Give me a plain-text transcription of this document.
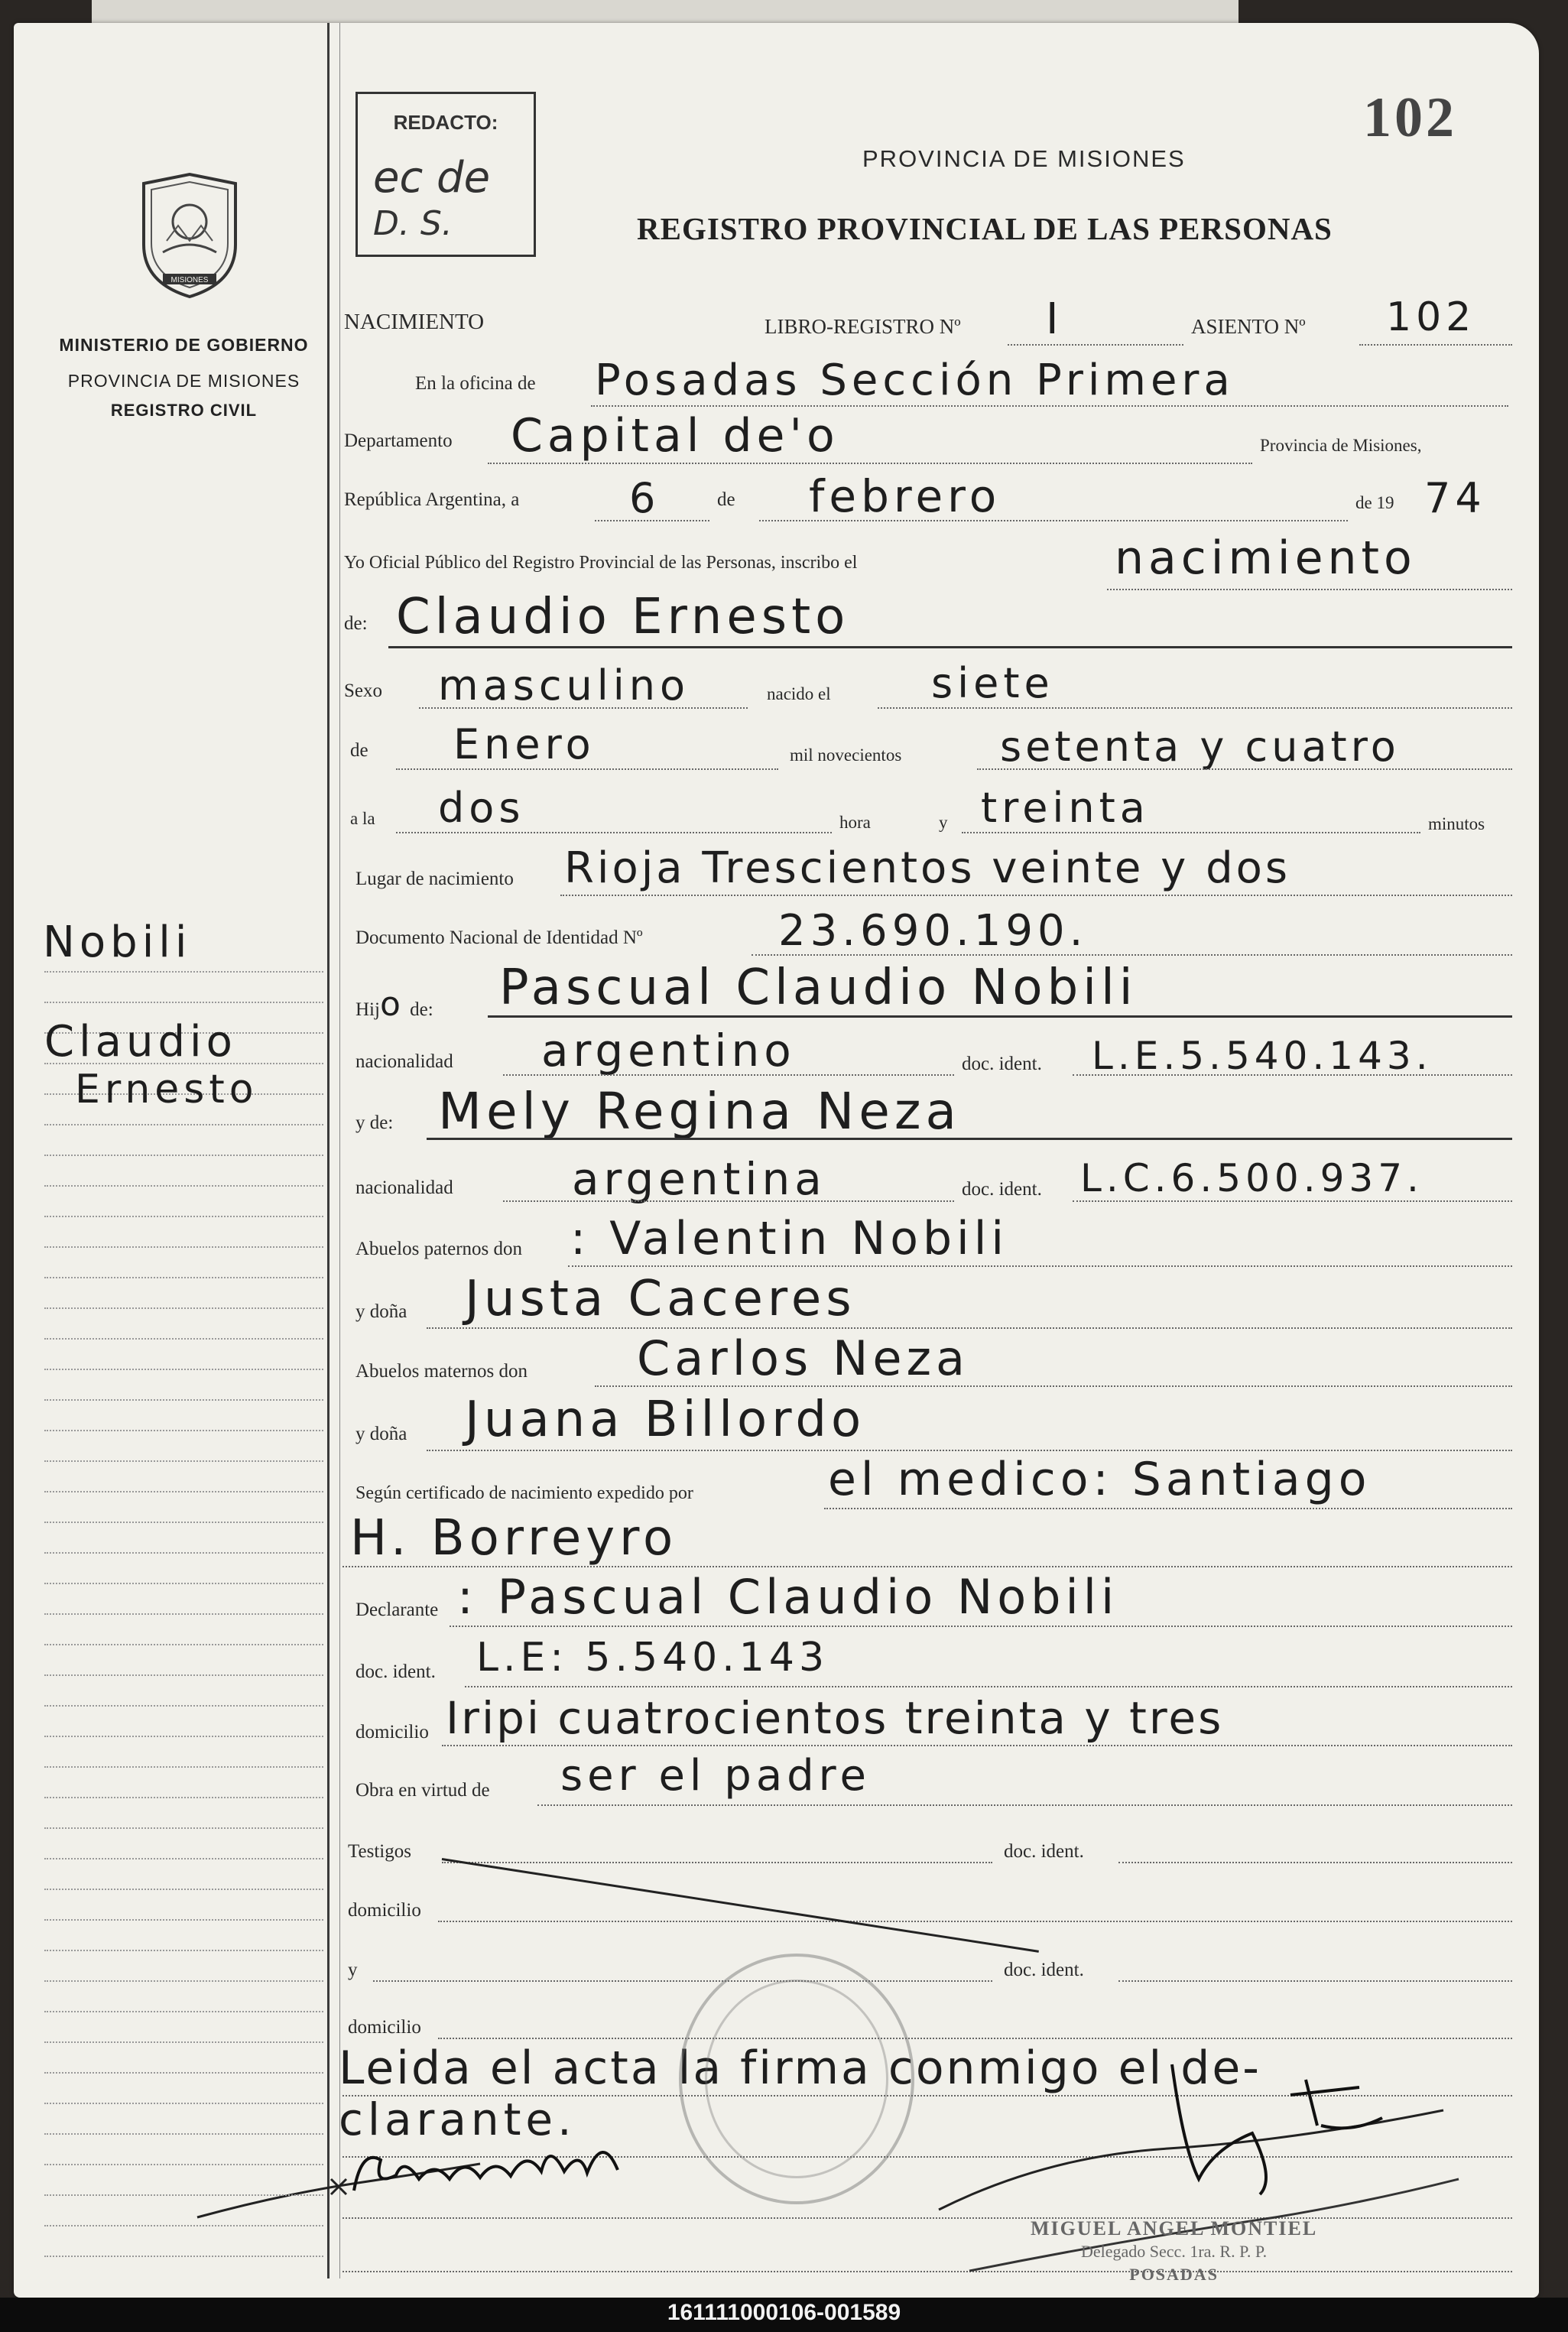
102
MISIONES
MINISTERIO DE GOBIERNO
PROVINCIA DE MISIONES
REGISTRO CIVIL
REDACTO:
ec de
D. S.
PROVINCIA DE MISIONES
REGISTRO PROVINCIAL DE LAS PERSONAS
NACIMIENTO	LIBRO-REGISTRO Nº I	ASIENTO Nº 102
En la oficina de Posadas Sección Primera
Departamento Capital de'o	Provincia de Misiones,
República Argentina, a	6	de febrero	de 19 74
Yo Oficial Público del Registro Provincial de las Personas, inscribo el	nacimiento
de: Claudio Ernesto
Sexo masculino	nacido el siete
de Enero	mil novecientos setenta y cuatro
a la dos	hora	y treinta	minutos
Lugar de nacimiento Rioja Trescientos veinte y dos
Documento Nacional de Identidad Nº	23.690.190.
Hijo de: Pascual Claudio Nobili
nacionalidad argentino	doc. ident. L.E.5.540.143.
y de: Mely Regina Neza
nacionalidad	argentina	doc. ident. L.C.6.500.937.
Abuelos paternos don : Valentin Nobili
y doña Justa Caceres
Abuelos maternos don Carlos Neza
y doña Juana Billordo
Según certificado de nacimiento expedido por	el medico: Santiago
H. Borreyro
Declarante : Pascual Claudio Nobili
doc. ident. L.E: 5.540.143
domicilio Iripi cuatrocientos treinta y tres
Obra en virtud de ser el padre
Testigos	doc. ident.
domicilio
y	doc. ident.
domicilio
Leida el acta la firma conmigo el de-
clarante.
MIGUEL ANGEL MONTIEL
Delegado Secc. 1ra. R. P. P.
POSADAS
Nobili
Claudio
Ernesto
161111000106-001589
